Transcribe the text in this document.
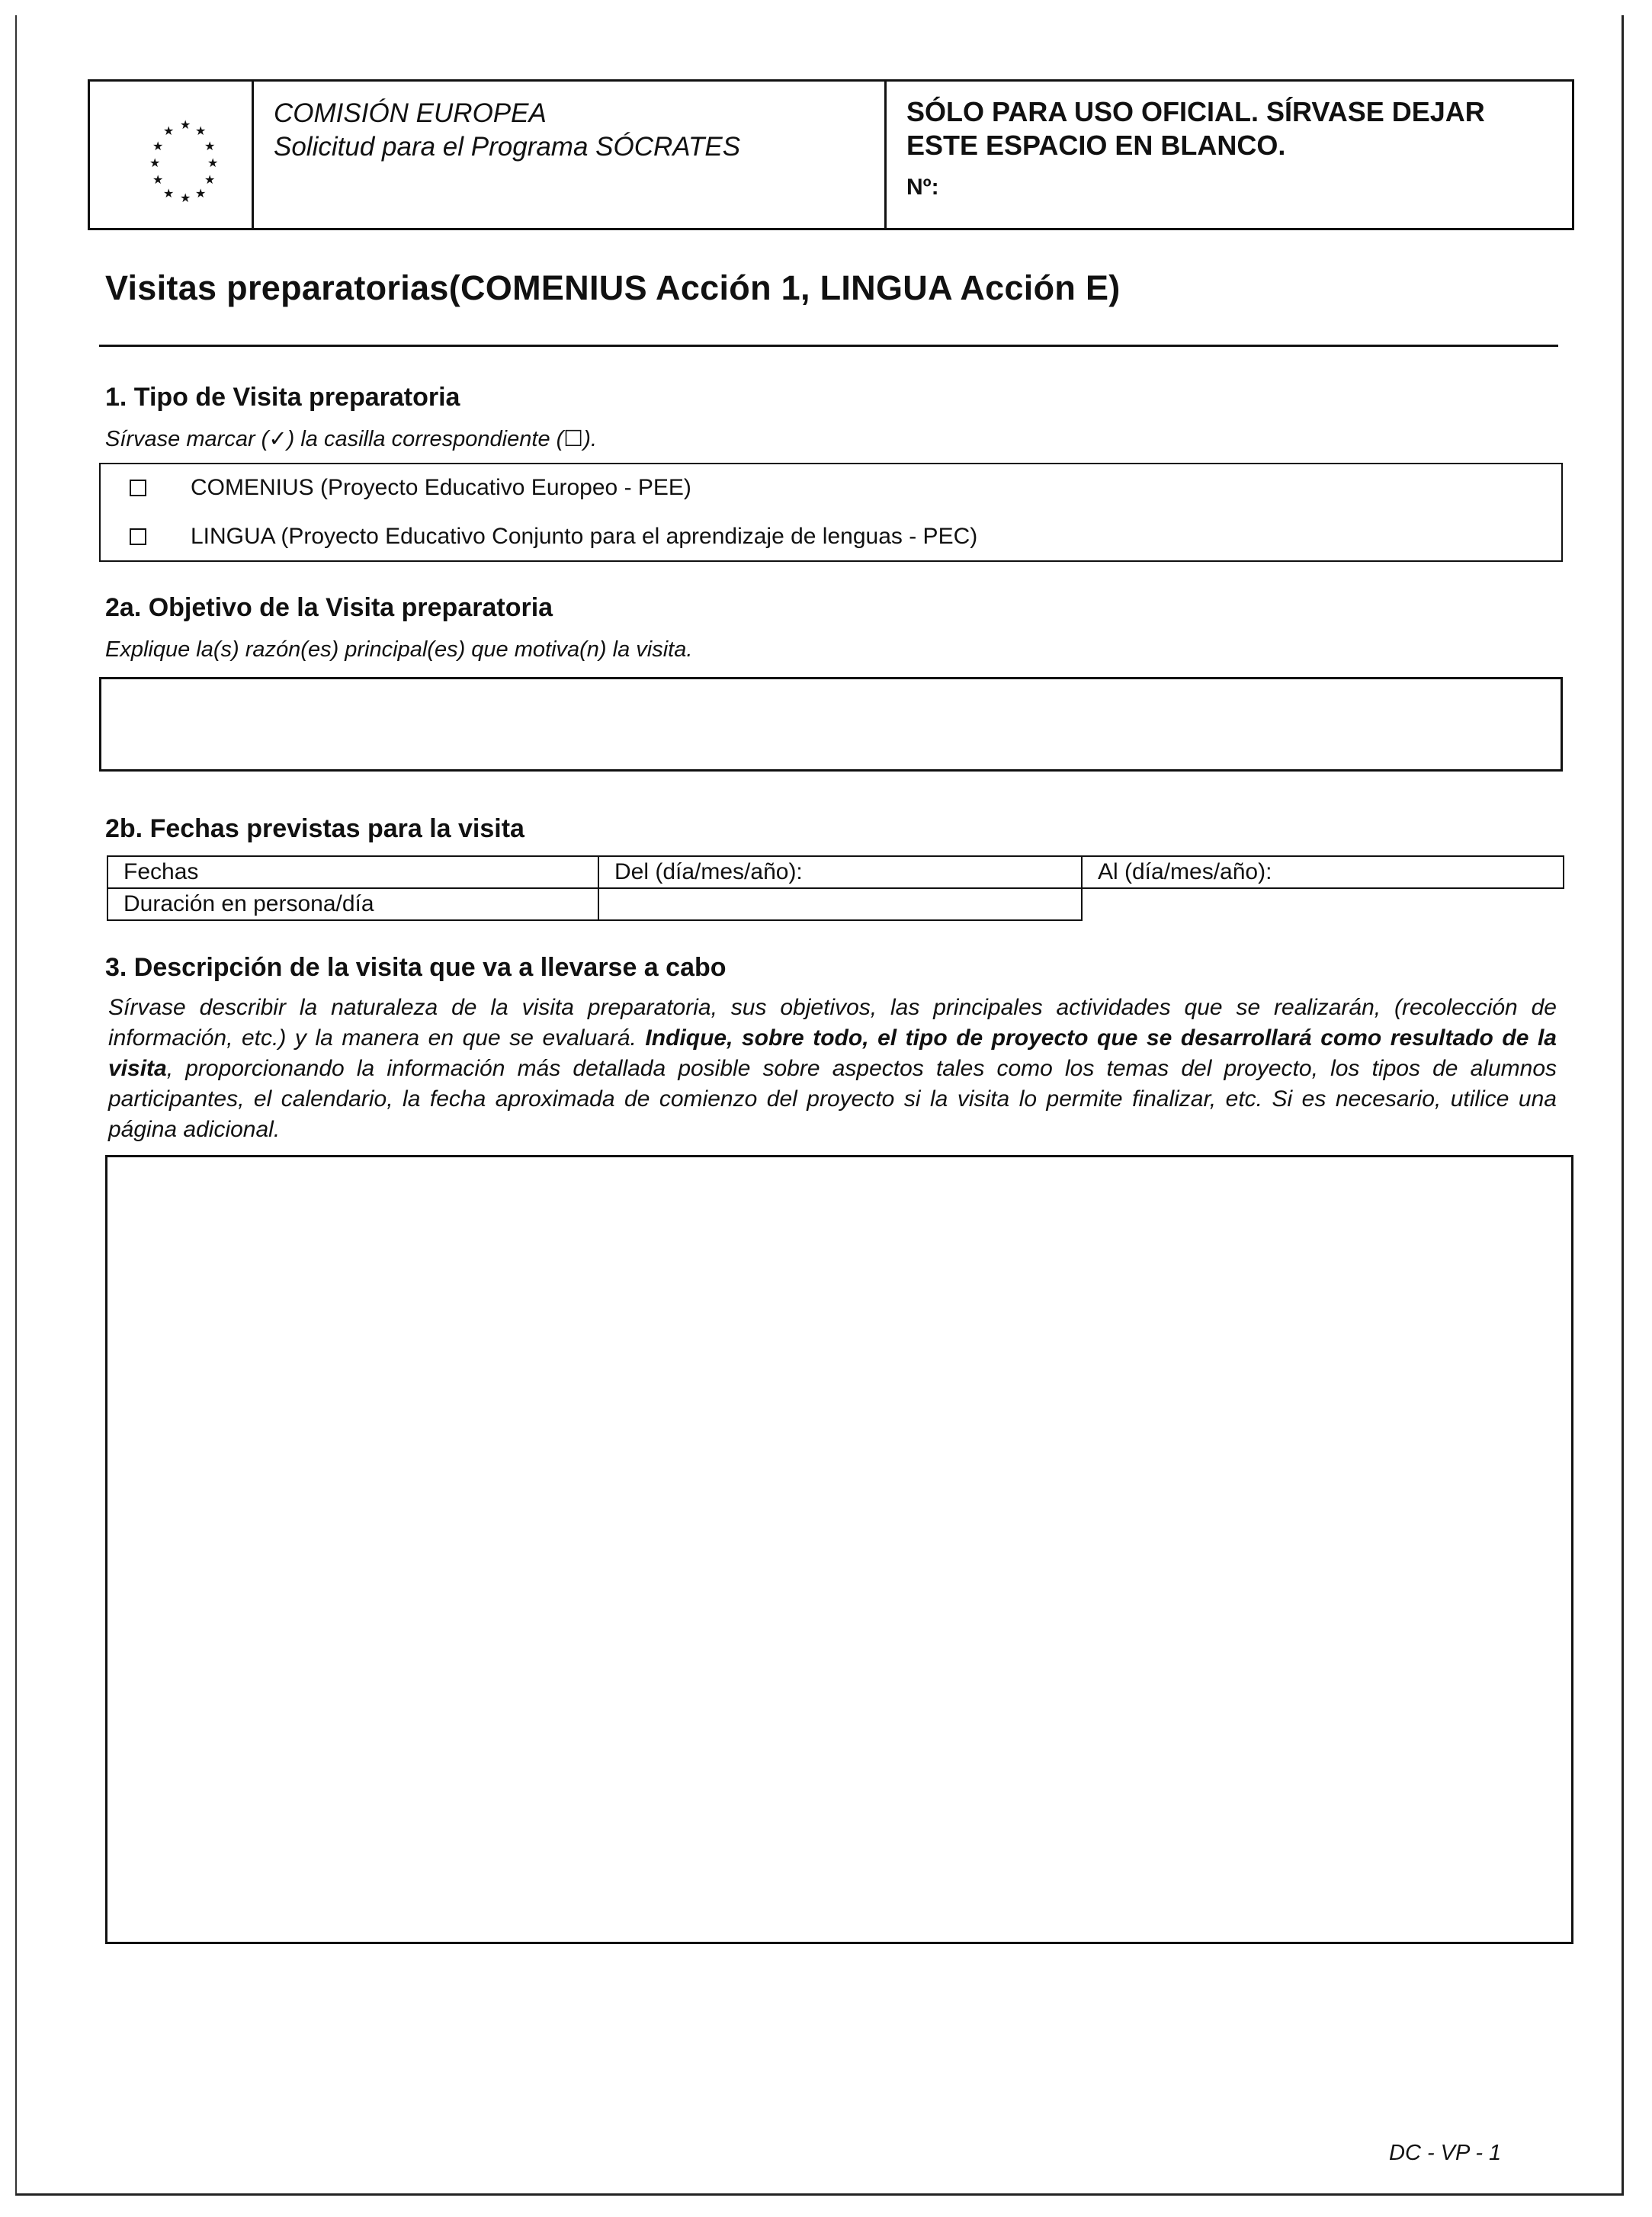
★ ★ ★
★
★
★
★
★
★
★
★
★
COMISIÓN EUROPEA
Solicitud para el Programa SÓCRATES
SÓLO PARA USO OFICIAL. SÍRVASE DEJAR
ESTE ESPACIO EN BLANCO.
Nº:
Visitas preparatorias(COMENIUS Acción 1, LINGUA Acción E)
1. Tipo de Visita preparatoria
Sírvase marcar (✓) la casilla correspondiente (☐).
COMENIUS (Proyecto Educativo Europeo - PEE)
LINGUA (Proyecto Educativo Conjunto para el aprendizaje de lenguas - PEC)
2a. Objetivo de la Visita preparatoria
Explique la(s) razón(es) principal(es) que motiva(n) la visita.
2b. Fechas previstas para la visita
Fechas	Del (día/mes/año):	Al (día/mes/año):
Duración en persona/día		
3. Descripción de la visita que va a llevarse a cabo
Sírvase describir la naturaleza de la visita preparatoria, sus objetivos, las principales actividades que se realizarán, (recolección de información, etc.) y la manera en que se evaluará. Indique, sobre todo, el tipo de proyecto que se desarrollará como resultado de la visita, proporcionando la información más detallada posible sobre aspectos tales como los temas del proyecto, los tipos de alumnos participantes, el calendario, la fecha aproximada de comienzo del proyecto si la visita lo permite finalizar, etc. Si es necesario, utilice una página adicional.
DC - VP - 1
